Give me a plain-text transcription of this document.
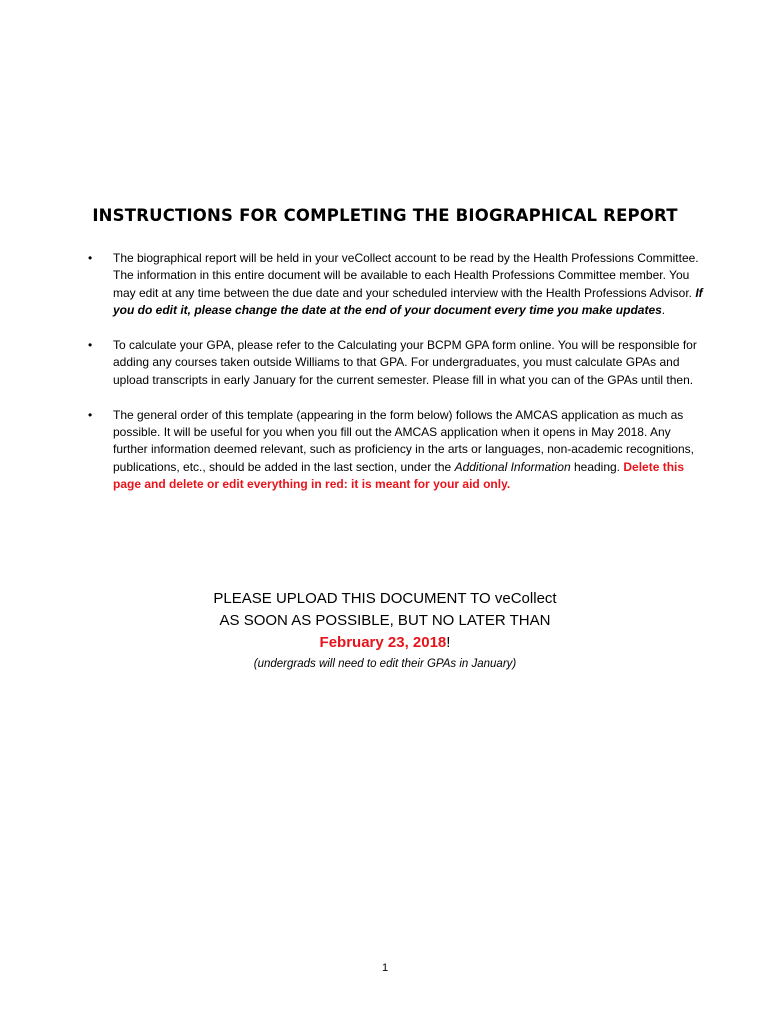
INSTRUCTIONS FOR COMPLETING THE BIOGRAPHICAL REPORT
• The biographical report will be held in your veCollect account to be read by the Health Professions Committee. The information in this entire document will be available to each Health Professions Committee member. You may edit at any time between the due date and your scheduled interview with the Health Professions Advisor. If you do edit it, please change the date at the end of your document every time you make updates.
• To calculate your GPA, please refer to the Calculating your BCPM GPA form online. You will be responsible for adding any courses taken outside Williams to that GPA. For undergraduates, you must calculate GPAs and upload transcripts in early January for the current semester. Please fill in what you can of the GPAs until then.
• The general order of this template (appearing in the form below) follows the AMCAS application as much as possible. It will be useful for you when you fill out the AMCAS application when it opens in May 2018. Any further information deemed relevant, such as proficiency in the arts or languages, non-academic recognitions, publications, etc., should be added in the last section, under the Additional Information heading. Delete this page and delete or edit everything in red: it is meant for your aid only.
PLEASE UPLOAD THIS DOCUMENT TO veCollect
AS SOON AS POSSIBLE, BUT NO LATER THAN
February 23, 2018!
(undergrads will need to edit their GPAs in January)
1
